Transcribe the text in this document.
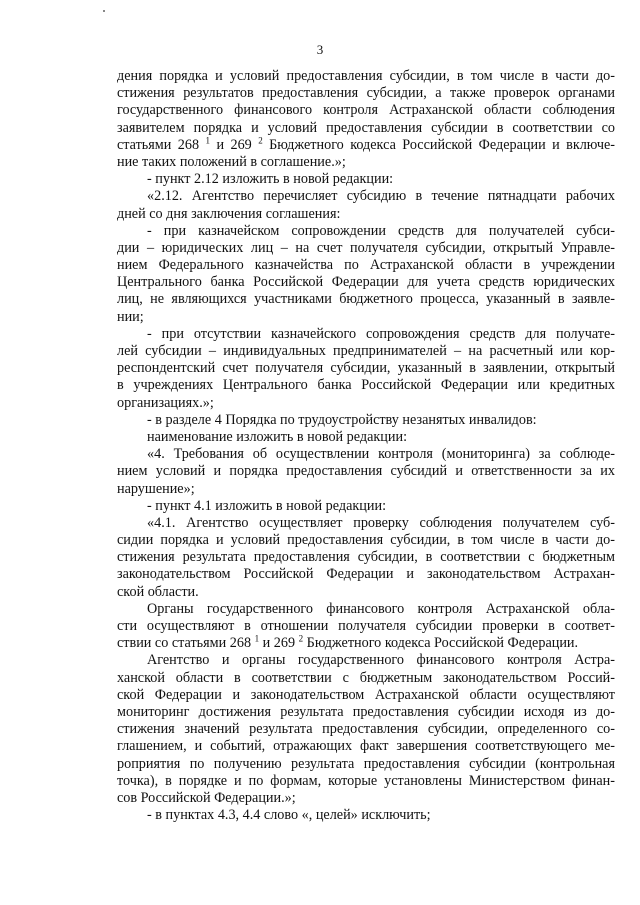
3
дения порядка и условий предоставления субсидии, в том числе в части до-
стижения результатов предоставления субсидии, а также проверок органами
государственного финансового контроля Астраханской области соблюдения
заявителем порядка и условий предоставления субсидии в соответствии со
статьями 268 $^1$ и 269 $^2$ Бюджетного кодекса Российской Федерации и включе-
ние таких положений в соглашение.»;
- пункт 2.12 изложить в новой редакции:
«2.12. Агентство перечисляет субсидию в течение пятнадцати рабочих
дней со дня заключения соглашения:
- при казначейском сопровождении средств для получателей субси-
дии – юридических лиц – на счет получателя субсидии, открытый Управле-
нием Федерального казначейства по Астраханской области в учреждении
Центрального банка Российской Федерации для учета средств юридических
лиц, не являющихся участниками бюджетного процесса, указанный в заявле-
нии;
- при отсутствии казначейского сопровождения средств для получате-
лей субсидии – индивидуальных предпринимателей – на расчетный или кор-
респондентский счет получателя субсидии, указанный в заявлении, открытый
в учреждениях Центрального банка Российской Федерации или кредитных
организациях.»;
- в разделе 4 Порядка по трудоустройству незанятых инвалидов:
наименование изложить в новой редакции:
«4. Требования об осуществлении контроля (мониторинга) за соблюде-
нием условий и порядка предоставления субсидий и ответственности за их
нарушение»;
- пункт 4.1 изложить в новой редакции:
«4.1. Агентство осуществляет проверку соблюдения получателем суб-
сидии порядка и условий предоставления субсидии, в том числе в части до-
стижения результата предоставления субсидии, в соответствии с бюджетным
законодательством Российской Федерации и законодательством Астрахан-
ской области.
Органы государственного финансового контроля Астраханской обла-
сти осуществляют в отношении получателя субсидии проверки в соответ-
ствии со статьями 268 $^1$ и 269 $^2$ Бюджетного кодекса Российской Федерации.
Агентство и органы государственного финансового контроля Астра-
ханской области в соответствии с бюджетным законодательством Россий-
ской Федерации и законодательством Астраханской области осуществляют
мониторинг достижения результата предоставления субсидии исходя из до-
стижения значений результата предоставления субсидии, определенного со-
глашением, и событий, отражающих факт завершения соответствующего ме-
роприятия по получению результата предоставления субсидии (контрольная
точка), в порядке и по формам, которые установлены Министерством финан-
сов Российской Федерации.»;
- в пунктах 4.3, 4.4 слово «, целей» исключить;
